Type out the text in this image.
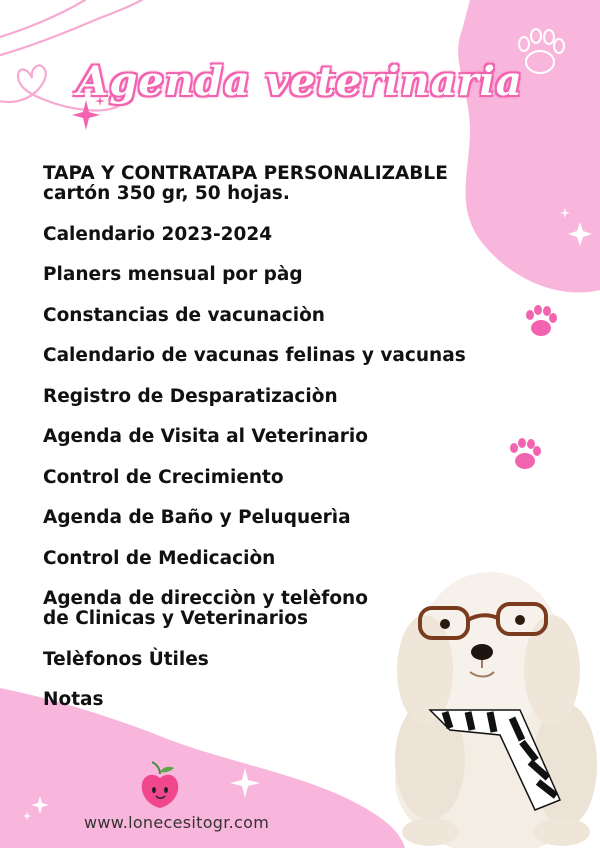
Agenda veterinaria
TAPA Y CONTRATAPA PERSONALIZABLE
cartón 350 gr, 50 hojas.
Calendario 2023-2024
Planers mensual por pàg
Constancias de vacunaciòn
Calendario de vacunas felinas y vacunas
Registro de Desparatizaciòn
Agenda de Visita al Veterinario
Control de Crecimiento
Agenda de Baño y Peluquerìa
Control de Medicaciòn
Agenda de direcciòn y telèfono
de Clinicas y Veterinarios
Telèfonos Ùtiles
Notas
www.lonecesitogr.com
